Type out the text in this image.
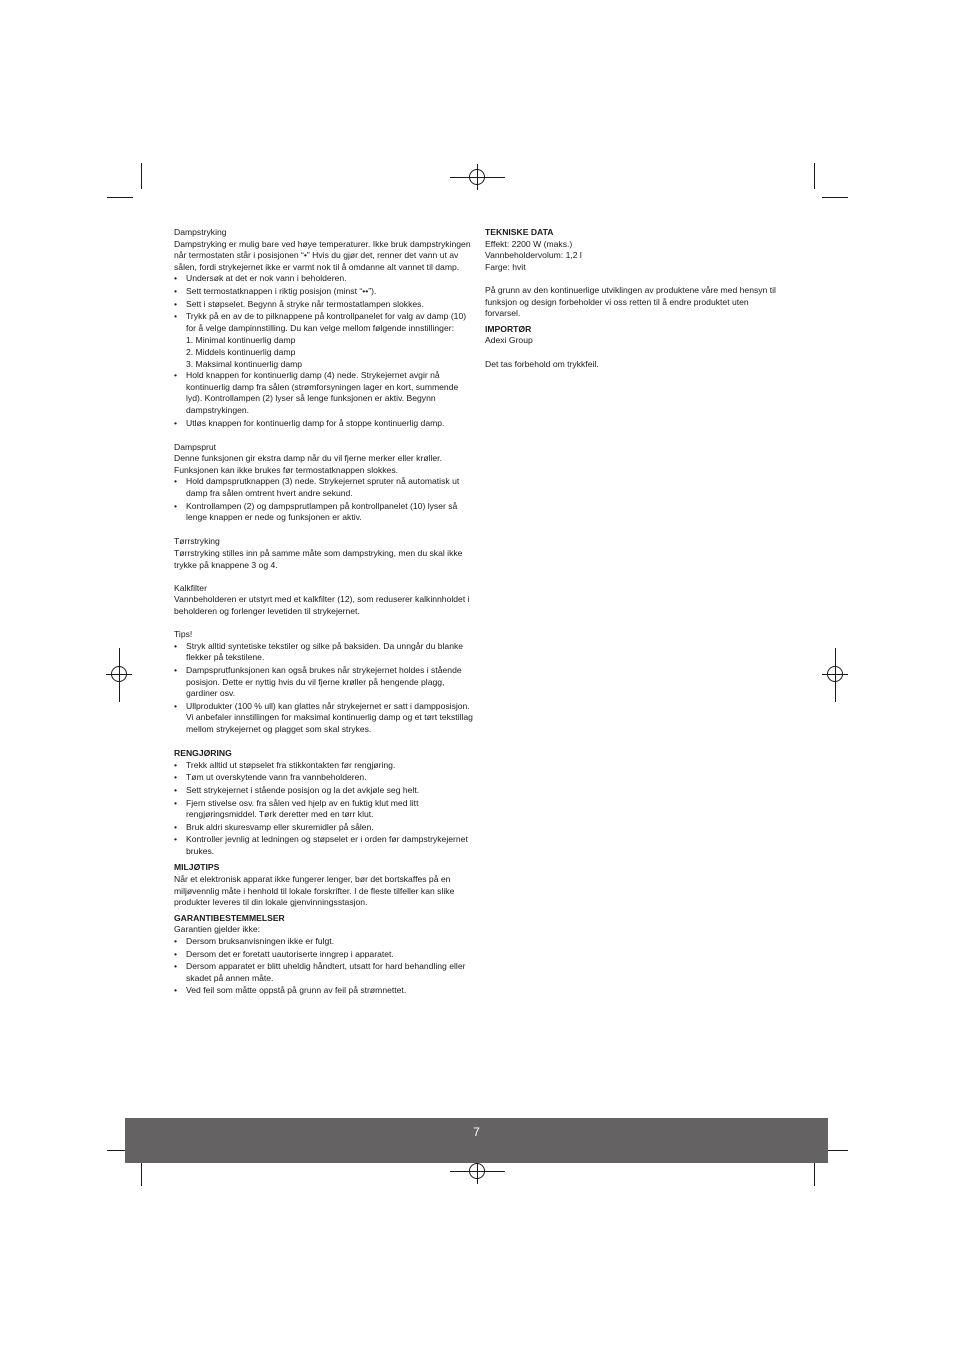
Dampstryking

Dampstryking er mulig bare ved høye temperaturer. Ikke bruk dampstrykingen når termostaten står i posisjonen “•” Hvis du gjør det, renner det vann ut av sålen, fordi strykejernet ikke er varmt nok til å omdanne alt vannet til damp.

• Undersøk at det er nok vann i beholderen.
• Sett termostatknappen i riktig posisjon (minst “••”).
• Sett i støpselet. Begynn å stryke når termostatlampen slokkes.
• Trykk på en av de to pilknappene på kontrollpanelet for valg av damp (10) for å velge dampinnstilling. Du kan velge mellom følgende innstillinger:

1. Minimal kontinuerlig damp

2. Middels kontinuerlig damp

3. Maksimal kontinuerlig damp

• Hold knappen for kontinuerlig damp (4) nede. Strykejernet avgir nå kontinuerlig damp fra sålen (strømforsyningen lager en kort, summende lyd). Kontrollampen (2) lyser så lenge funksjonen er aktiv. Begynn dampstrykingen.
• Utløs knappen for kontinuerlig damp for å stoppe kontinuerlig damp.

Dampsprut

Denne funksjonen gir ekstra damp når du vil fjerne merker eller krøller. Funksjonen kan ikke brukes før termostatknappen slokkes.

• Hold dampsprutknappen (3) nede. Strykejernet spruter nå automatisk ut damp fra sålen omtrent hvert andre sekund.
• Kontrollampen (2) og dampsprutlampen på kontrollpanelet (10) lyser så lenge knappen er nede og funksjonen er aktiv.

Tørrstryking

Tørrstryking stilles inn på samme måte som dampstryking, men du skal ikke trykke på knappene 3 og 4.

Kalkfilter

Vannbeholderen er utstyrt med et kalkfilter (12), som reduserer kalkinnholdet i beholderen og forlenger levetiden til strykejernet.

Tips!

• Stryk alltid syntetiske tekstiler og silke på baksiden. Da unngår du blanke flekker på tekstilene.
• Dampsprutfunksjonen kan også brukes når strykejernet holdes i stående posisjon. Dette er nyttig hvis du vil fjerne krøller på hengende plagg, gardiner osv.
• Ullprodukter (100 % ull) kan glattes når strykejernet er satt i dampposisjon. Vi anbefaler innstillingen for maksimal kontinuerlig damp og et tørt tekstillag mellom strykejernet og plagget som skal strykes.

RENGJØRING

• Trekk alltid ut støpselet fra stikkontakten før rengjøring.
• Tøm ut overskytende vann fra vannbeholderen.
• Sett strykejernet i stående posisjon og la det avkjøle seg helt.
• Fjern stivelse osv. fra sålen ved hjelp av en fuktig klut med litt rengjøringsmiddel. Tørk deretter med en tørr klut.
• Bruk aldri skuresvamp eller skuremidler på sålen.
• Kontroller jevnlig at ledningen og støpselet er i orden før dampstrykejernet brukes.

MILJØTIPS

Når et elektronisk apparat ikke fungerer lenger, bør det bortskaffes på en miljøvennlig måte i henhold til lokale forskrifter. I de fleste tilfeller kan slike produkter leveres til din lokale gjenvinningsstasjon.

GARANTIBESTEMMELSER

Garantien gjelder ikke:

• Dersom bruksanvisningen ikke er fulgt.
• Dersom det er foretatt uautoriserte inngrep i apparatet.
• Dersom apparatet er blitt uheldig håndtert, utsatt for hard behandling eller skadet på annen måte.
• Ved feil som måtte oppstå på grunn av feil på strømnettet.

TEKNISKE DATA

Effekt: 2200 W (maks.)

Vannbeholdervolum: 1,2 l

Farge: hvit

På grunn av den kontinuerlige utviklingen av produktene våre med hensyn til funksjon og design forbeholder vi oss retten til å endre produktet uten forvarsel.

IMPORTØR

Adexi Group

Det tas forbehold om trykkfeil.

7
